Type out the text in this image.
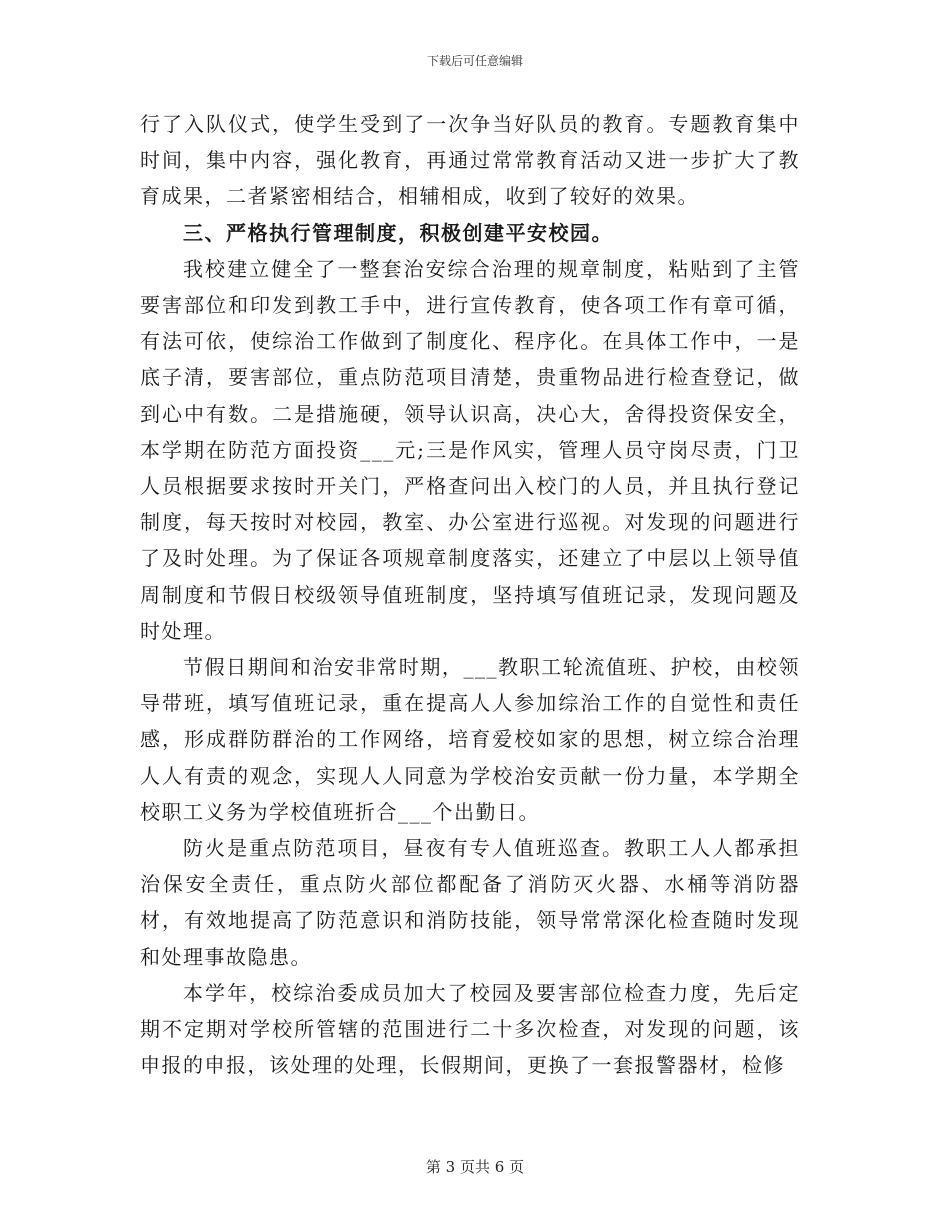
下载后可任意编辑

行了入队仪式，使学生受到了一次争当好队员的教育。专题教育集中时间，集中内容，强化教育，再通过常常教育活动又进一步扩大了教育成果，二者紧密相结合，相辅相成，收到了较好的效果。

三、严格执行管理制度，积极创建平安校园。

我校建立健全了一整套治安综合治理的规章制度，粘贴到了主管要害部位和印发到教工手中，进行宣传教育，使各项工作有章可循，有法可依，使综治工作做到了制度化、程序化。在具体工作中，一是底子清，要害部位，重点防范项目清楚，贵重物品进行检查登记，做到心中有数。二是措施硬，领导认识高，决心大，舍得投资保安全，本学期在防范方面投资___元;三是作风实，管理人员守岗尽责，门卫人员根据要求按时开关门，严格查问出入校门的人员，并且执行登记制度，每天按时对校园，教室、办公室进行巡视。对发现的问题进行了及时处理。为了保证各项规章制度落实，还建立了中层以上领导值周制度和节假日校级领导值班制度，坚持填写值班记录，发现问题及时处理。

节假日期间和治安非常时期，___教职工轮流值班、护校，由校领导带班，填写值班记录，重在提高人人参加综治工作的自觉性和责任感，形成群防群治的工作网络，培育爱校如家的思想，树立综合治理人人有责的观念，实现人人同意为学校治安贡献一份力量，本学期全校职工义务为学校值班折合___个出勤日。

防火是重点防范项目，昼夜有专人值班巡查。教职工人人都承担治保安全责任，重点防火部位都配备了消防灭火器、水桶等消防器材，有效地提高了防范意识和消防技能，领导常常深化检查随时发现和处理事故隐患。

本学年，校综治委成员加大了校园及要害部位检查力度，先后定期不定期对学校所管辖的范围进行二十多次检查，对发现的问题，该申报的申报，该处理的处理，长假期间，更换了一套报警器材，检修

第 3 页共 6 页
